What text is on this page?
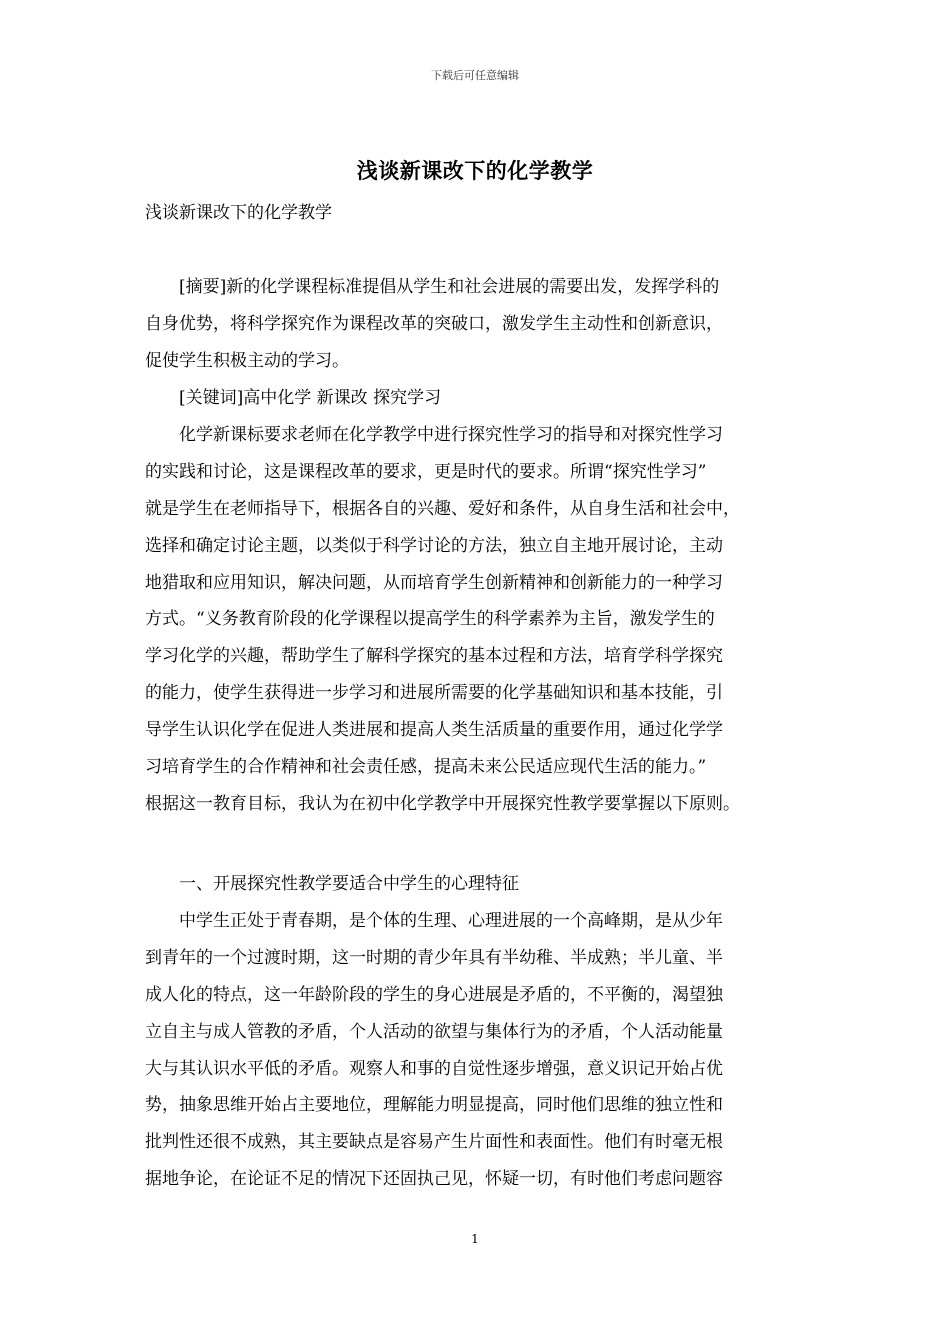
下载后可任意编辑
浅谈新课改下的化学教学
浅谈新课改下的化学教学
　　[摘要]新的化学课程标准提倡从学生和社会进展的需要出发，发挥学科的
自身优势，将科学探究作为课程改革的突破口，激发学生主动性和创新意识，
促使学生积极主动的学习。
　　[关键词]高中化学 新课改 探究学习
　　化学新课标要求老师在化学教学中进行探究性学习的指导和对探究性学习
的实践和讨论，这是课程改革的要求，更是时代的要求。所谓“探究性学习”
就是学生在老师指导下，根据各自的兴趣、爱好和条件，从自身生活和社会中，
选择和确定讨论主题，以类似于科学讨论的方法，独立自主地开展讨论，主动
地猎取和应用知识，解决问题，从而培育学生创新精神和创新能力的一种学习
方式。“义务教育阶段的化学课程以提高学生的科学素养为主旨，激发学生的
学习化学的兴趣，帮助学生了解科学探究的基本过程和方法，培育学科学探究
的能力，使学生获得进一步学习和进展所需要的化学基础知识和基本技能，引
导学生认识化学在促进人类进展和提高人类生活质量的重要作用，通过化学学
习培育学生的合作精神和社会责任感，提高未来公民适应现代生活的能力。”
根据这一教育目标，我认为在初中化学教学中开展探究性教学要掌握以下原则。
　　一、开展探究性教学要适合中学生的心理特征
　　中学生正处于青春期，是个体的生理、心理进展的一个高峰期，是从少年
到青年的一个过渡时期，这一时期的青少年具有半幼稚、半成熟；半儿童、半
成人化的特点，这一年龄阶段的学生的身心进展是矛盾的，不平衡的，渴望独
立自主与成人管教的矛盾，个人活动的欲望与集体行为的矛盾，个人活动能量
大与其认识水平低的矛盾。观察人和事的自觉性逐步增强，意义识记开始占优
势，抽象思维开始占主要地位，理解能力明显提高，同时他们思维的独立性和
批判性还很不成熟，其主要缺点是容易产生片面性和表面性。他们有时毫无根
据地争论，在论证不足的情况下还固执己见，怀疑一切，有时他们考虑问题容
1
